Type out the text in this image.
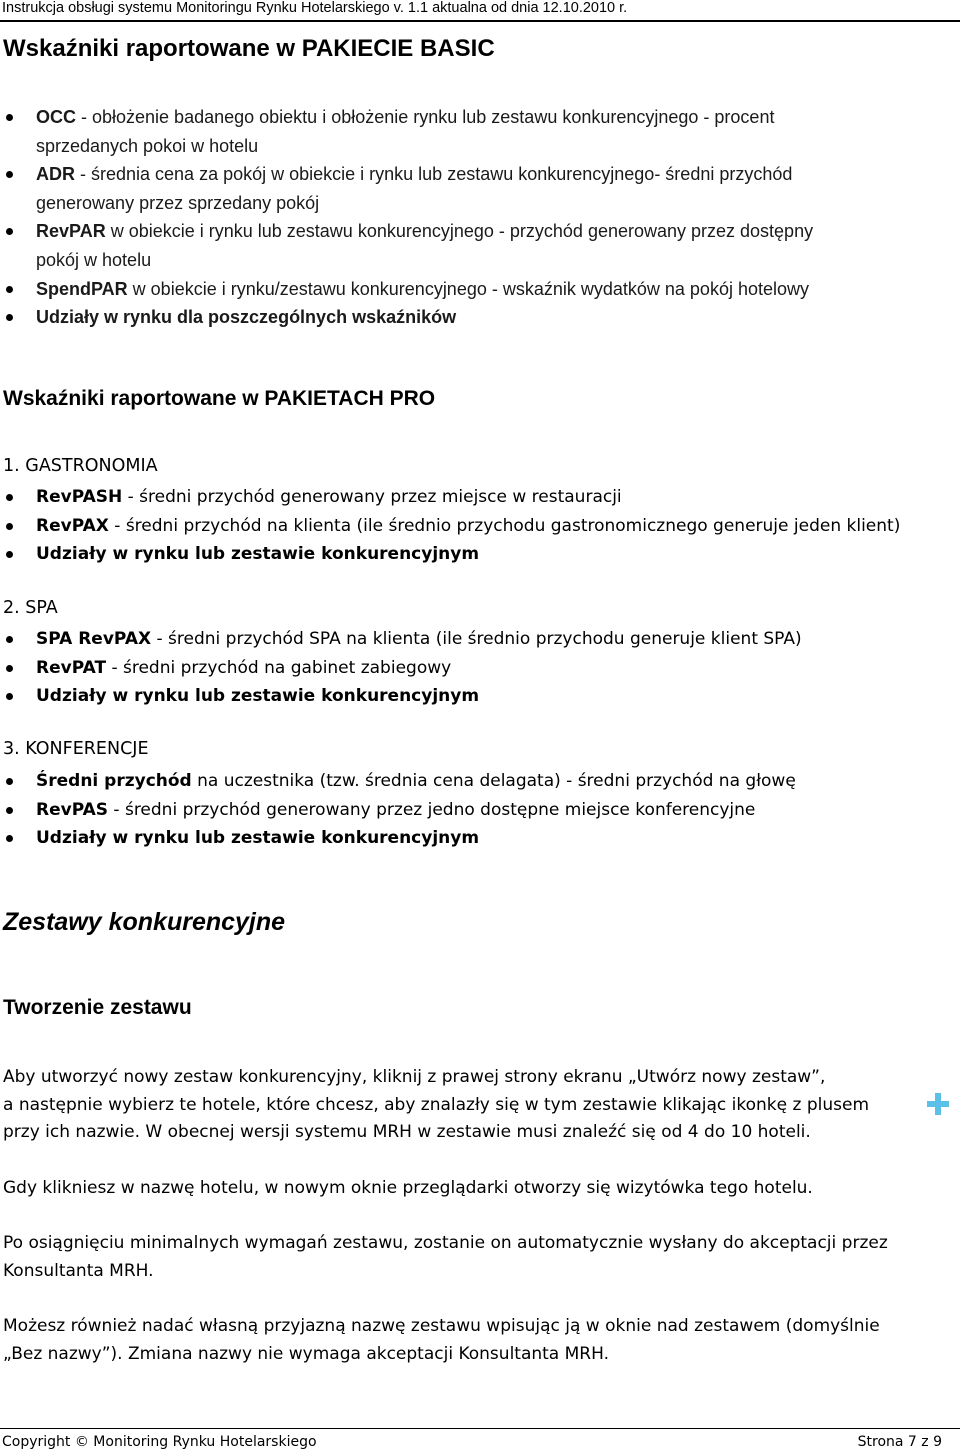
Instrukcja obsługi systemu Monitoringu Rynku Hotelarskiego v. 1.1 aktualna od dnia 12.10.2010 r.
Wskaźniki raportowane w PAKIECIE BASIC
OCC - obłożenie badanego obiektu i obłożenie rynku lub zestawu konkurencyjnego - procent
sprzedanych pokoi w hotelu
ADR - średnia cena za pokój w obiekcie i rynku lub zestawu konkurencyjnego- średni przychód
generowany przez sprzedany pokój
RevPAR w obiekcie i rynku lub zestawu konkurencyjnego - przychód generowany przez dostępny
pokój w hotelu
SpendPAR w obiekcie i rynku/zestawu konkurencyjnego - wskaźnik wydatków na pokój hotelowy
Udziały w rynku dla poszczególnych wskaźników
Wskaźniki raportowane w PAKIETACH PRO
1. GASTRONOMIA
RevPASH - średni przychód generowany przez miejsce w restauracji
RevPAX - średni przychód na klienta (ile średnio przychodu gastronomicznego generuje jeden klient)
Udziały w rynku lub zestawie konkurencyjnym
2. SPA
SPA RevPAX - średni przychód SPA na klienta (ile średnio przychodu generuje klient SPA)
RevPAT - średni przychód na gabinet zabiegowy
Udziały w rynku lub zestawie konkurencyjnym
3. KONFERENCJE
Średni przychód na uczestnika (tzw. średnia cena delagata) - średni przychód na głowę
RevPAS - średni przychód generowany przez jedno dostępne miejsce konferencyjne
Udziały w rynku lub zestawie konkurencyjnym
Zestawy konkurencyjne
Tworzenie zestawu
Aby utworzyć nowy zestaw konkurencyjny, kliknij z prawej strony ekranu „Utwórz nowy zestaw”,
a następnie wybierz te hotele, które chcesz, aby znalazły się w tym zestawie klikając ikonkę z plusem
przy ich nazwie. W obecnej wersji systemu MRH w zestawie musi znaleźć się od 4 do 10 hoteli.
Gdy klikniesz w nazwę hotelu, w nowym oknie przeglądarki otworzy się wizytówka tego hotelu.
Po osiągnięciu minimalnych wymagań zestawu, zostanie on automatycznie wysłany do akceptacji przez
Konsultanta MRH.
Możesz również nadać własną przyjazną nazwę zestawu wpisując ją w oknie nad zestawem (domyślnie
„Bez nazwy”). Zmiana nazwy nie wymaga akceptacji Konsultanta MRH.
Copyright © Monitoring Rynku Hotelarskiego	Strona 7 z 9
